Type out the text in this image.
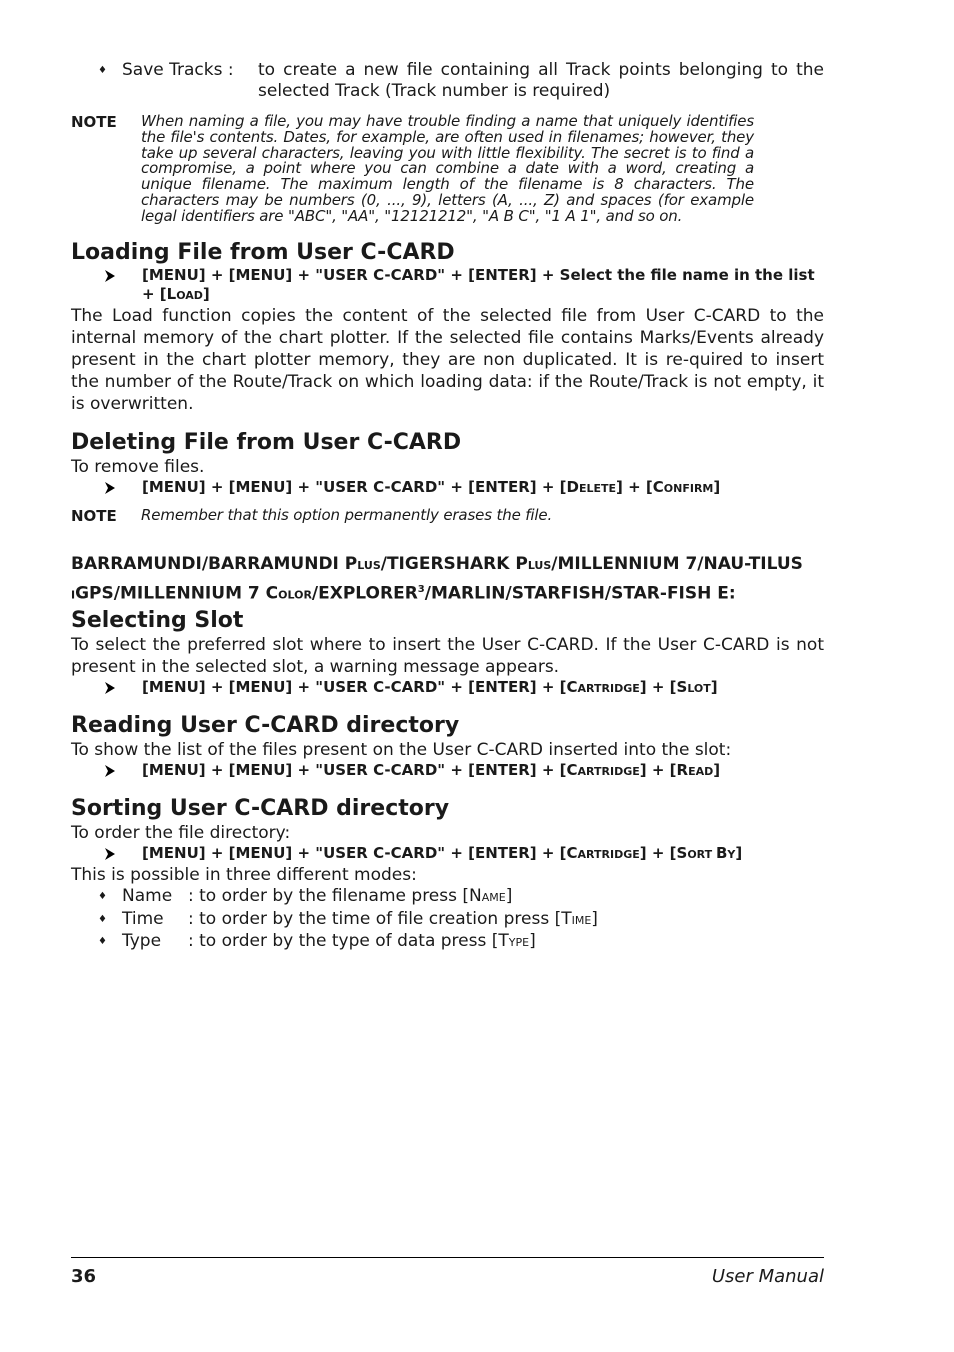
♦
Save Tracks :	to create a new file containing all Track points belonging to the selected Track (Track number is required)
NOTE	When naming a file, you may have trouble finding a name that uniquely identifies the file's contents. Dates, for example, are often used in filenames; however, they take up several characters, leaving you with little flexibility. The secret is to find a compromise, a point where you can combine a date with a word, creating a unique filename. The maximum length of the filename is 8 characters. The characters may be numbers (0, ..., 9), letters (A, ..., Z) and spaces (for example legal identifiers are "ABC", "AA", "12121212", "A B C", "1 A 1", and so on.
Loading File from User C-CARD
[MENU] + [MENU] + "USER C-CARD" + [ENTER] + Select the file name in the list + [LOAD]

The Load function copies the content of the selected file from User C-CARD to the internal memory of the chart plotter. If the selected file contains Marks/Events already present in the chart plotter memory, they are non duplicated. It is re-quired to insert the number of the Route/Track on which loading data: if the Route/Track is not empty, it is overwritten.

Deleting File from User C-CARD

To remove files.

[MENU] + [MENU] + "USER C-CARD" + [ENTER] + [DELETE] + [CONFIRM]
NOTE	Remember that this option permanently erases the file.

BARRAMUNDI/BARRAMUNDI PLUS/TIGERSHARK PLUS/MILLENNIUM 7/NAU-TILUS IGPS/MILLENNIUM 7 COLOR/EXPLORER$^3$/MARLIN/STARFISH/STAR-FISH E:

Selecting Slot

To select the preferred slot where to insert the User C-CARD. If the User C-CARD is not present in the selected slot, a warning message appears.

[MENU] + [MENU] + "USER C-CARD" + [ENTER] + [CARTRIDGE] + [SLOT]
Reading User C-CARD directory

To show the list of the files present on the User C-CARD inserted into the slot:

[MENU] + [MENU] + "USER C-CARD" + [ENTER] + [CARTRIDGE] + [READ]
Sorting User C-CARD directory

To order the file directory:

[MENU] + [MENU] + "USER C-CARD" + [ENTER] + [CARTRIDGE] + [SORT BY]

This is possible in three different modes:

♦
Name : to order by the filename press [NAME]
♦
Time	: to order by the time of file creation press [TIME]
♦
Type	: to order by the type of data press [TYPE]
36	User Manual
